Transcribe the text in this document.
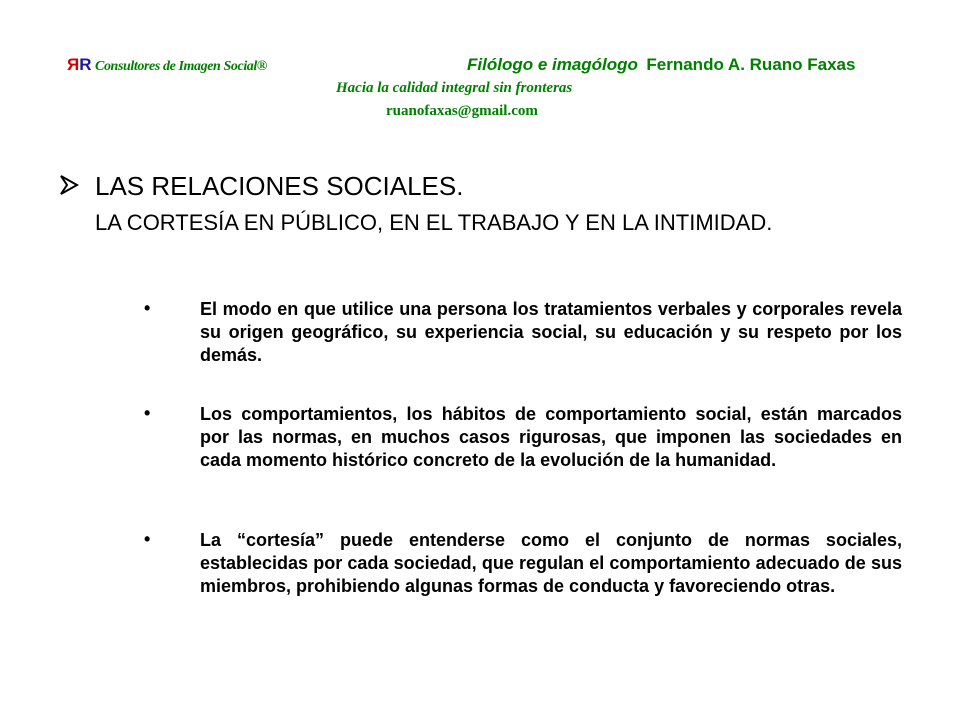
RR Consultores de Imagen Social®	Filólogo e imagólogo Fernando A. Ruano Faxas
Hacia la calidad integral sin fronteras
ruanofaxas@gmail.com
LAS RELACIONES SOCIALES.
LA CORTESÍA EN PÚBLICO, EN EL TRABAJO Y EN LA INTIMIDAD.
•	El modo en que utilice una persona los tratamientos verbales y corporales revela su origen geográfico, su experiencia social, su educación y su respeto por los demás.
•	Los comportamientos, los hábitos de comportamiento social, están marcados por las normas, en muchos casos rigurosas, que imponen las sociedades en cada momento histórico concreto de la evolución de la humanidad.
•	La “cortesía” puede entenderse como el conjunto de normas sociales, establecidas por cada sociedad, que regulan el comportamiento adecuado de sus miembros, prohibiendo algunas formas de conducta y favoreciendo otras.
